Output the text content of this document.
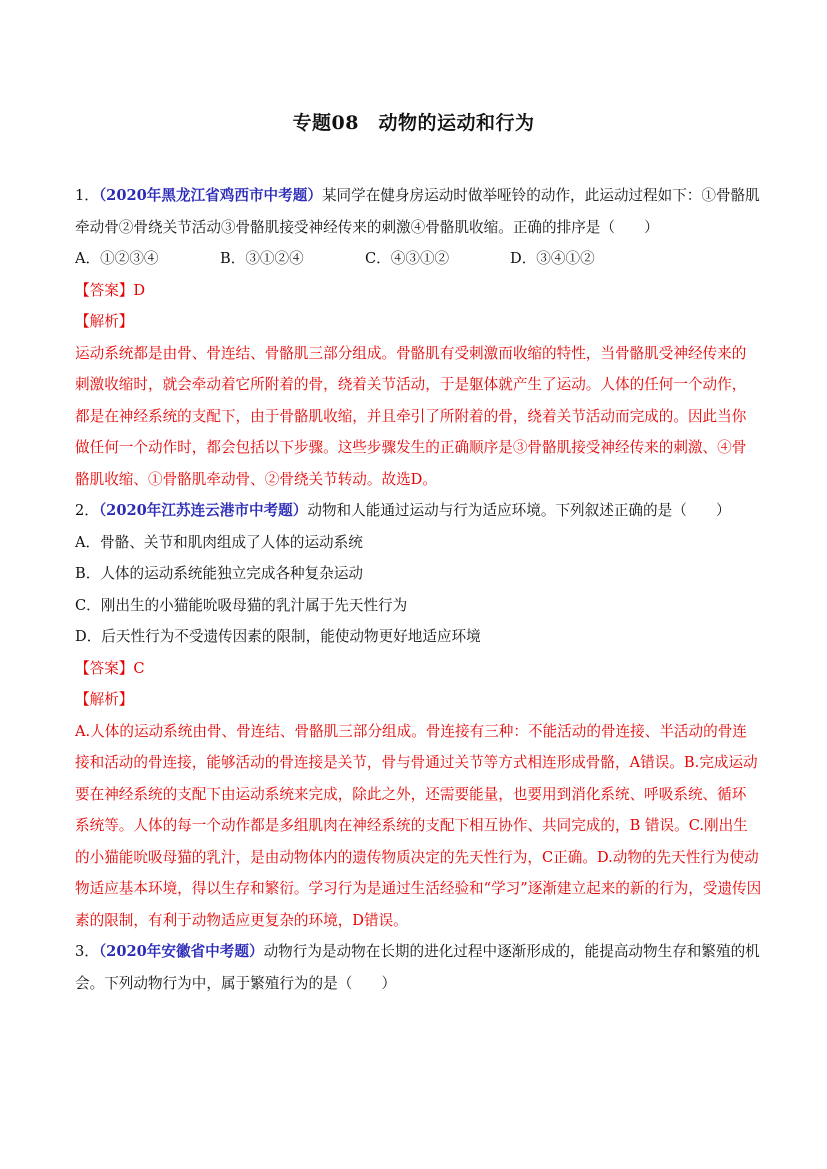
专题08　动物的运动和行为
1．（2020年黑龙江省鸡西市中考题）某同学在健身房运动时做举哑铃的动作，此运动过程如下：①骨骼肌
牵动骨②骨绕关节活动③骨骼肌接受神经传来的刺激④骨骼肌收缩。正确的排序是（　　）
A．①②③④	B．③①②④	C．④③①②	D．③④①②
【答案】D
【解析】
运动系统都是由骨、骨连结、骨骼肌三部分组成。骨骼肌有受刺激而收缩的特性，当骨骼肌受神经传来的
刺激收缩时，就会牵动着它所附着的骨，绕着关节活动，于是躯体就产生了运动。人体的任何一个动作，
都是在神经系统的支配下，由于骨骼肌收缩，并且牵引了所附着的骨，绕着关节活动而完成的。因此当你
做任何一个动作时，都会包括以下步骤。这些步骤发生的正确顺序是③骨骼肌接受神经传来的刺激、④骨
骼肌收缩、①骨骼肌牵动骨、②骨绕关节转动。故选D。
2．（2020年江苏连云港市中考题）动物和人能通过运动与行为适应环境。下列叙述正确的是（　　）
A．骨骼、关节和肌肉组成了人体的运动系统
B．人体的运动系统能独立完成各种复杂运动
C．刚出生的小猫能吮吸母猫的乳汁属于先天性行为
D．后天性行为不受遗传因素的限制，能使动物更好地适应环境
【答案】C
【解析】
A.人体的运动系统由骨、骨连结、骨骼肌三部分组成。骨连接有三种：不能活动的骨连接、半活动的骨连
接和活动的骨连接，能够活动的骨连接是关节，骨与骨通过关节等方式相连形成骨骼，A错误。B.完成运动
要在神经系统的支配下由运动系统来完成，除此之外，还需要能量，也要用到消化系统、呼吸系统、循环
系统等。人体的每一个动作都是多组肌肉在神经系统的支配下相互协作、共同完成的，B 错误。C.刚出生
的小猫能吮吸母猫的乳汁，是由动物体内的遗传物质决定的先天性行为，C正确。D.动物的先天性行为使动
物适应基本环境，得以生存和繁衍。学习行为是通过生活经验和“学习”逐渐建立起来的新的行为，受遗传因
素的限制，有利于动物适应更复杂的环境，D错误。
3．（2020年安徽省中考题）动物行为是动物在长期的进化过程中逐渐形成的，能提高动物生存和繁殖的机
会。下列动物行为中，属于繁殖行为的是（　　）
